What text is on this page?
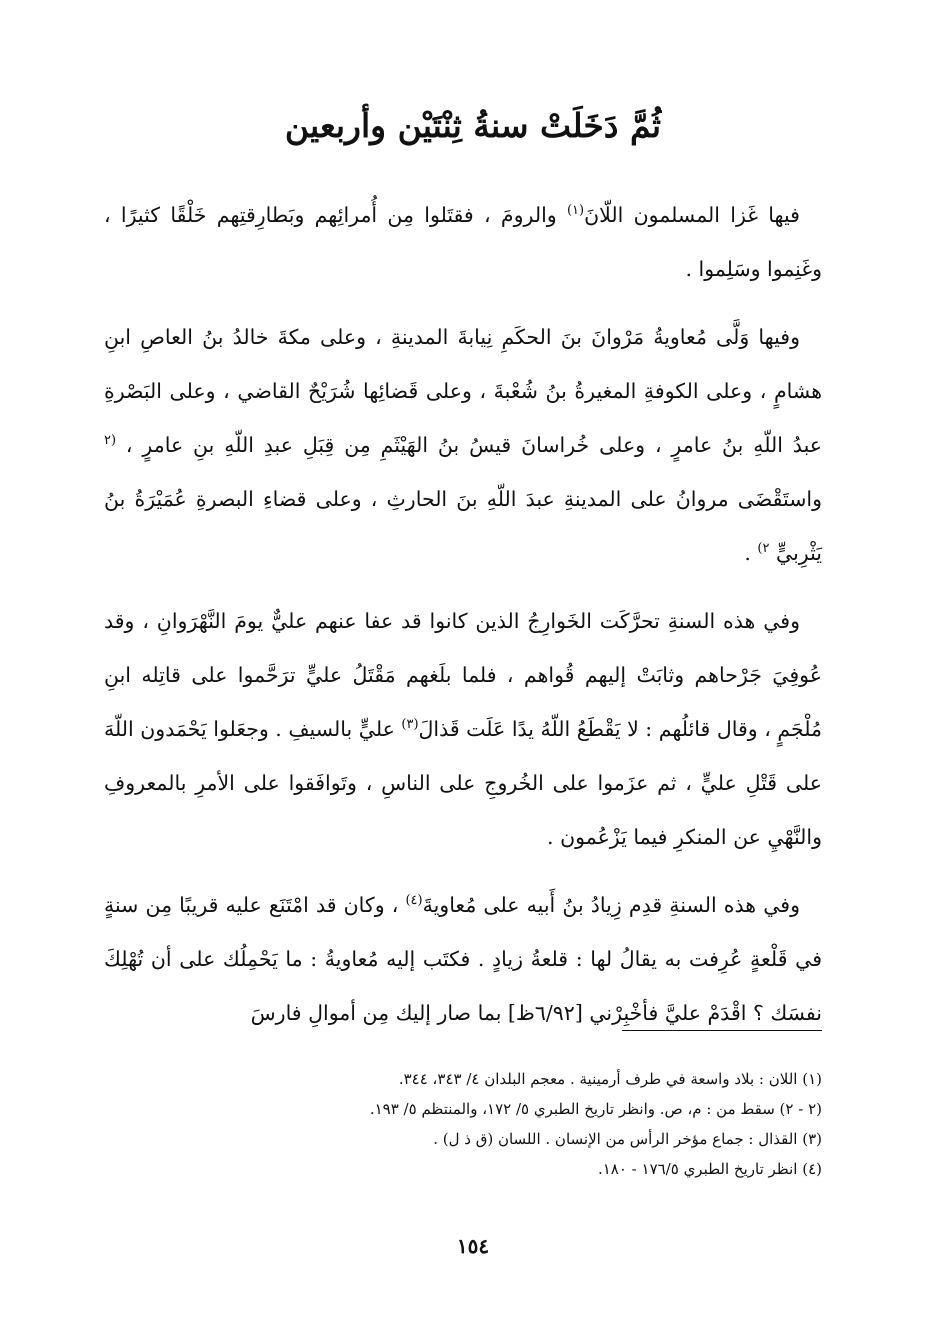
ثُمَّ دَخَلَتْ سنةُ ثِنْتَيْن وأربعين

فيها غَزا المسلمون اللّانَ$^{(١)}$ والرومَ ، فقتَلوا مِن أُمرائِهم وبَطارِقتِهم خَلْقًا كثيرًا ، وغَنِموا وسَلِموا .

وفيها وَلَّى مُعاويةُ مَرْوانَ بنَ الحكَمِ نِيابةَ المدينةِ ، وعلى مكةَ خالدُ بنُ العاصِ ابنِ هشامٍ ، وعلى الكوفةِ المغيرةُ بنُ شُعْبةَ ، وعلى قَضائِها شُرَيْحٌ القاضي ، وعلى البَصْرةِ عبدُ اللّهِ بنُ عامرٍ ، وعلى خُراسانَ قيسُ بنُ الهَيْثَمِ مِن قِبَلِ عبدِ اللّهِ بنِ عامرٍ ، $^{(٢}$ واستَقْضَى مروانُ على المدينةِ عبدَ اللّهِ بنَ الحارثِ ، وعلى قضاءِ البصرةِ عُمَيْرَةُ بنُ يَثْرِبيٍّ $^{٢)}$ .

وفي هذه السنةِ تحرَّكَت الخَوارِجُ الذين كانوا قد عفا عنهم عليٌّ يومَ النَّهْرَوانِ ، وقد عُوفِيَ جَرْحاهم وثابَتْ إليهم قُواهم ، فلما بلَغهم مَقْتَلُ عليٍّ ترَحَّموا على قاتِله ابنِ مُلْجَمٍ ، وقال قائلُهم : لا يَقْطَعُ اللّهُ يدًا عَلَت قَذالَ$^{(٣)}$ عليٍّ بالسيفِ . وجعَلوا يَحْمَدون اللّهَ على قَتْلِ عليٍّ ، ثم عزَموا على الخُروجِ على الناسِ ، وتَوافَقوا على الأمرِ بالمعروفِ والنَّهْيِ عن المنكرِ فيما يَزْعُمون .

وفي هذه السنةِ قدِم زِيادُ بنُ أَبيه على مُعاويةَ$^{(٤)}$ ، وكان قد امْتَنَع عليه قريبًا مِن سنةٍ في قَلْعةٍ عُرِفت به يقالُ لها : قلعةُ زيادٍ . فكتَب إليه مُعاويةُ : ما يَحْمِلُك على أن تُهْلِكَ نفسَك ؟ اقْدَمْ عليَّ فأخْبِرْني [٦/٩٢ظ] بما صار إليك مِن أموالِ فارسَ

(١) اللان : بلاد واسعة في طرف أرمينية . معجم البلدان ٤/ ٣٤٣، ٣٤٤.

(٢ - ٢) سقط من : م، ص. وانظر تاريخ الطبري ٥/ ١٧٢، والمنتظم ٥/ ١٩٣.

(٣) القذال : جماع مؤخر الرأس من الإنسان . اللسان (ق ذ ل) .

(٤) انظر تاريخ الطبري ١٧٦/٥ - ١٨٠.

١٥٤
